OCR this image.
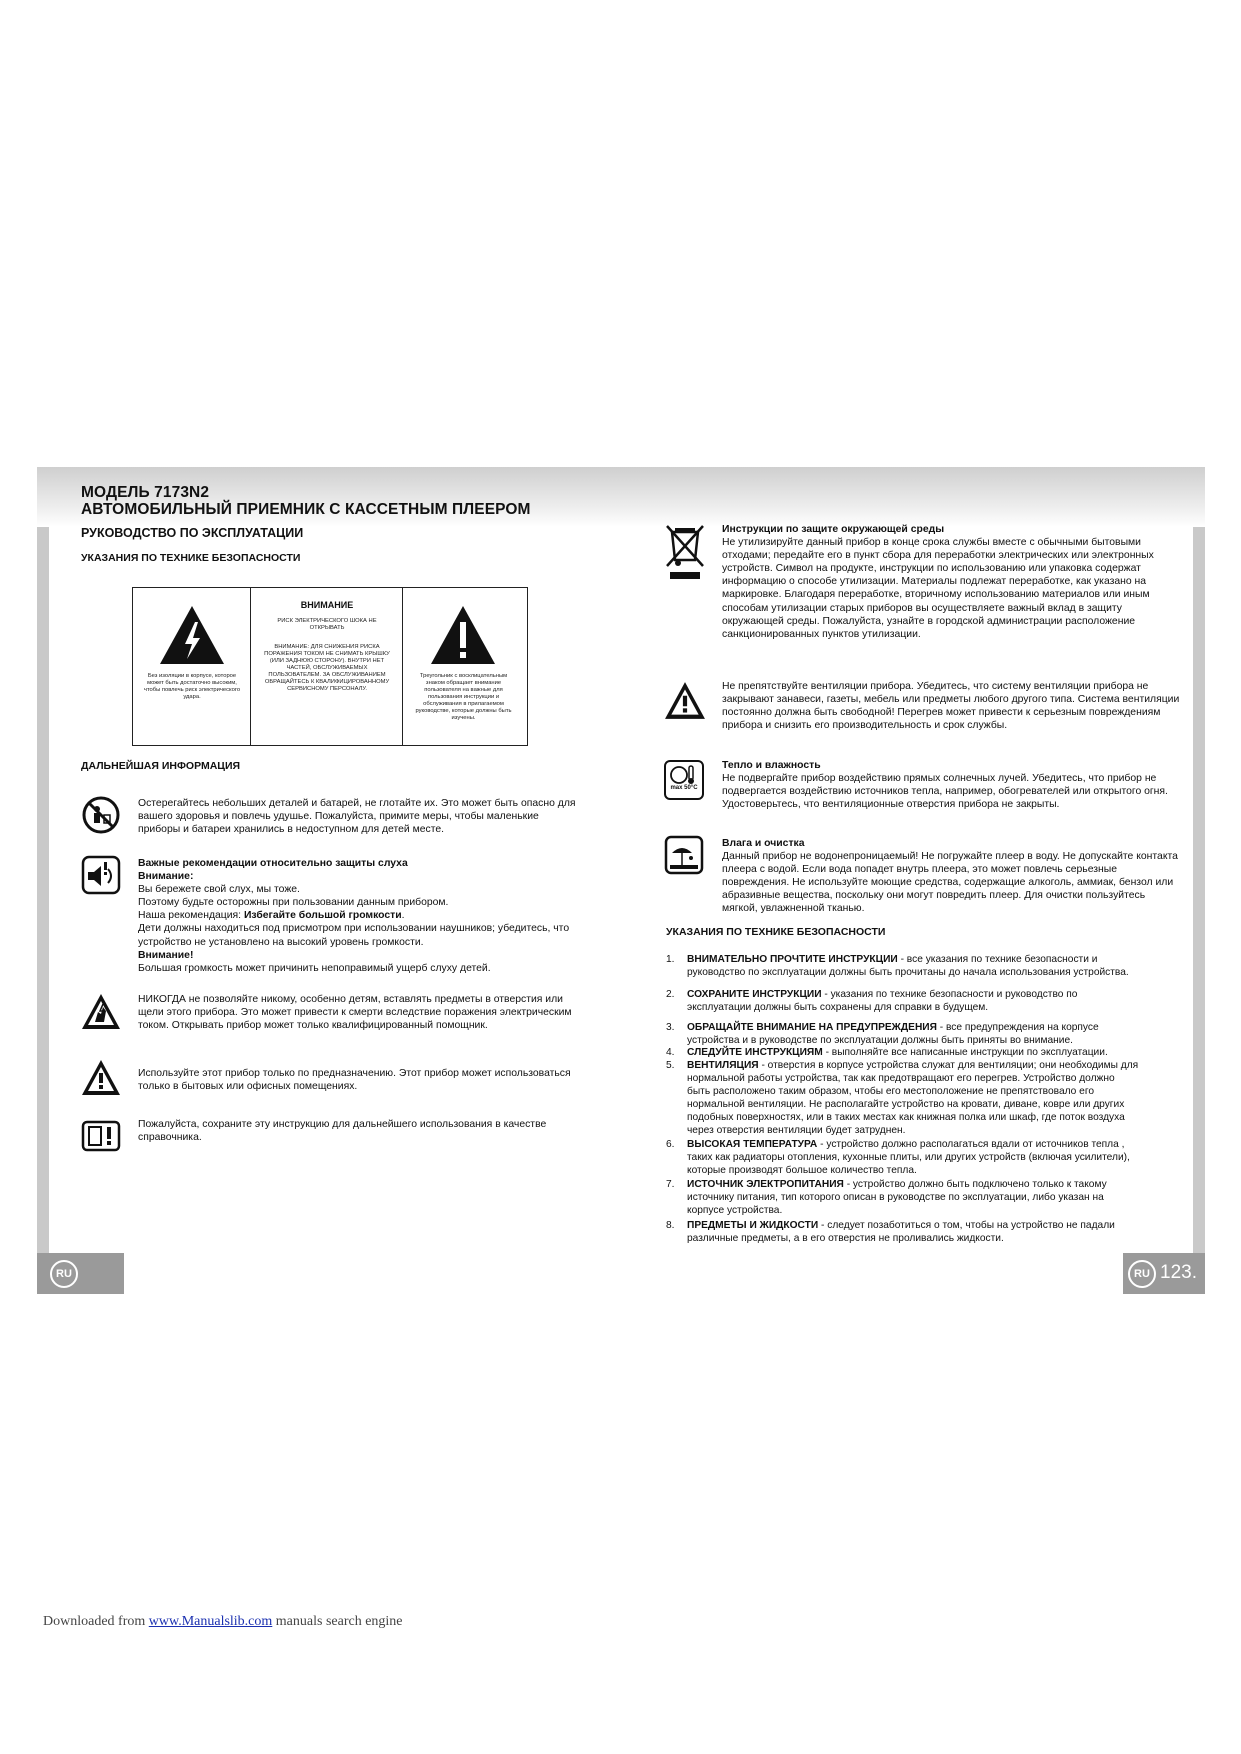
МОДЕЛЬ 7173N2
АВТОМОБИЛЬНЫЙ ПРИЕМНИК С КАССЕТНЫМ ПЛЕЕРОМ
РУКОВОДСТВО ПО ЭКСПЛУАТАЦИИ
УКАЗАНИЯ ПО ТЕХНИКЕ БЕЗОПАСНОСТИ
Без изоляции в корпусе, которое может быть достаточно высоким, чтобы повлечь риск электрического удара.
ВНИМАНИЕ
РИСК ЭЛЕКТРИЧЕСКОГО ШОКА НЕ ОТКРЫВАТЬ
ВНИМАНИЕ: ДЛЯ СНИЖЕНИЯ РИСКА ПОРАЖЕНИЯ ТОКОМ НЕ СНИМАТЬ КРЫШКУ (ИЛИ ЗАДНЮЮ СТОРОНУ). ВНУТРИ НЕТ ЧАСТЕЙ, ОБСЛУЖИВАЕМЫХ ПОЛЬЗОВАТЕЛЕМ. ЗА ОБСЛУЖИВАНИЕМ ОБРАЩАЙТЕСЬ К КВАЛИФИЦИРОВАННОМУ СЕРВИСНОМУ ПЕРСОНАЛУ.
Треугольник с восклицательным знаком обращает внимание пользователя на важные для пользования инструкции и обслуживания в прилагаемом руководстве, которые должны быть изучены.
ДАЛЬНЕЙШАЯ ИНФОРМАЦИЯ
Остерегайтесь небольших деталей и батарей, не глотайте их. Это может быть опасно для вашего здоровья и повлечь удушье. Пожалуйста, примите меры, чтобы маленькие приборы и батареи хранились в недоступном для детей месте.
Важные рекомендации относительно защиты слуха
Внимание:
Вы бережете свой слух, мы тоже.
Поэтому будьте осторожны при пользовании данным прибором.
Наша рекомендация: Избегайте большой громкости.
Дети должны находиться под присмотром при использовании наушников; убедитесь, что устройство не установлено на высокий уровень громкости.
Внимание!
Большая громкость может причинить непоправимый ущерб слуху детей.
НИКОГДА не позволяйте никому, особенно детям, вставлять предметы в отверстия или щели этого прибора. Это может привести к смерти вследствие поражения электрическим током. Открывать прибор может только квалифицированный помощник.
Используйте этот прибор только по предназначению. Этот прибор может использоваться только в бытовых или офисных помещениях.
Пожалуйста, сохраните эту инструкцию для дальнейшего использования в качестве справочника.
Инструкции по защите окружающей среды
Не утилизируйте данный прибор в конце срока службы вместе с обычными бытовыми отходами; передайте его в пункт сбора для переработки электрических или электронных устройств. Символ на продукте, инструкции по использованию или упаковка содержат информацию о способе утилизации. Материалы подлежат переработке, как указано на маркировке. Благодаря переработке, вторичному использованию материалов или иным способам утилизации старых приборов вы осуществляете важный вклад в защиту окружающей среды. Пожалуйста, узнайте в городской администрации расположение санкционированных пунктов утилизации.
Не препятствуйте вентиляции прибора. Убедитесь, что систему вентиляции прибора не закрывают занавеси, газеты, мебель или предметы любого другого типа. Система вентиляции постоянно должна быть свободной! Перегрев может привести к серьезным повреждениям прибора и снизить его производительность и срок службы.
max 50°C
Тепло и влажность
Не подвергайте прибор воздействию прямых солнечных лучей. Убедитесь, что прибор не подвергается воздействию источников тепла, например, обогревателей или открытого огня. Удостоверьтесь, что вентиляционные отверстия прибора не закрыты.
Влага и очистка
Данный прибор не водонепроницаемый! Не погружайте плеер в воду. Не допускайте контакта плеера с водой. Если вода попадет внутрь плеера, это может повлечь серьезные повреждения. Не используйте моющие средства, содержащие алкоголь, аммиак, бензол или абразивные вещества, поскольку они могут повредить плеер. Для очистки пользуйтесь мягкой, увлажненной тканью.
УКАЗАНИЯ ПО ТЕХНИКЕ БЕЗОПАСНОСТИ
1.	ВНИМАТЕЛЬНО ПРОЧТИТЕ ИНСТРУКЦИИ - все указания по технике безопасности и руководство по эксплуатации должны быть прочитаны до начала использования устройства.
2.	СОХРАНИТЕ ИНСТРУКЦИИ - указания по технике безопасности и руководство по эксплуатации должны быть сохранены для справки в будущем.
3.	ОБРАЩАЙТЕ ВНИМАНИЕ НА ПРЕДУПРЕЖДЕНИЯ - все предупреждения на корпусе устройства и в руководстве по эксплуатации должны быть приняты во внимание.
4.	СЛЕДУЙТЕ ИНСТРУКЦИЯМ - выполняйте все написанные инструкции по эксплуатации.
5.	ВЕНТИЛЯЦИЯ - отверстия в корпусе устройства служат для вентиляции; они необходимы для нормальной работы устройства, так как предотвращают его перегрев. Устройство должно быть расположено таким образом, чтобы его местоположение не препятствовало его нормальной вентиляции. Не располагайте устройство на кровати, диване, ковре или других подобных поверхностях, или в таких местах как книжная полка или шкаф, где поток воздуха через отверстия вентиляции будет затруднен.
6.	ВЫСОКАЯ ТЕМПЕРАТУРА - устройство должно располагаться вдали от источников тепла , таких как радиаторы отопления, кухонные плиты, или других устройств (включая усилители), которые производят большое количество тепла.
7.	ИСТОЧНИК ЭЛЕКТРОПИТАНИЯ - устройство должно быть подключено только к такому источнику питания, тип которого описан в руководстве по эксплуатации, либо указан на корпусе устройства.
8.	ПРЕДМЕТЫ И ЖИДКОСТИ - следует позаботиться о том, чтобы на устройство не падали различные предметы, а в его отверстия не проливались жидкости.
RU	RU 123.
Downloaded from www.Manualslib.com manuals search engine
